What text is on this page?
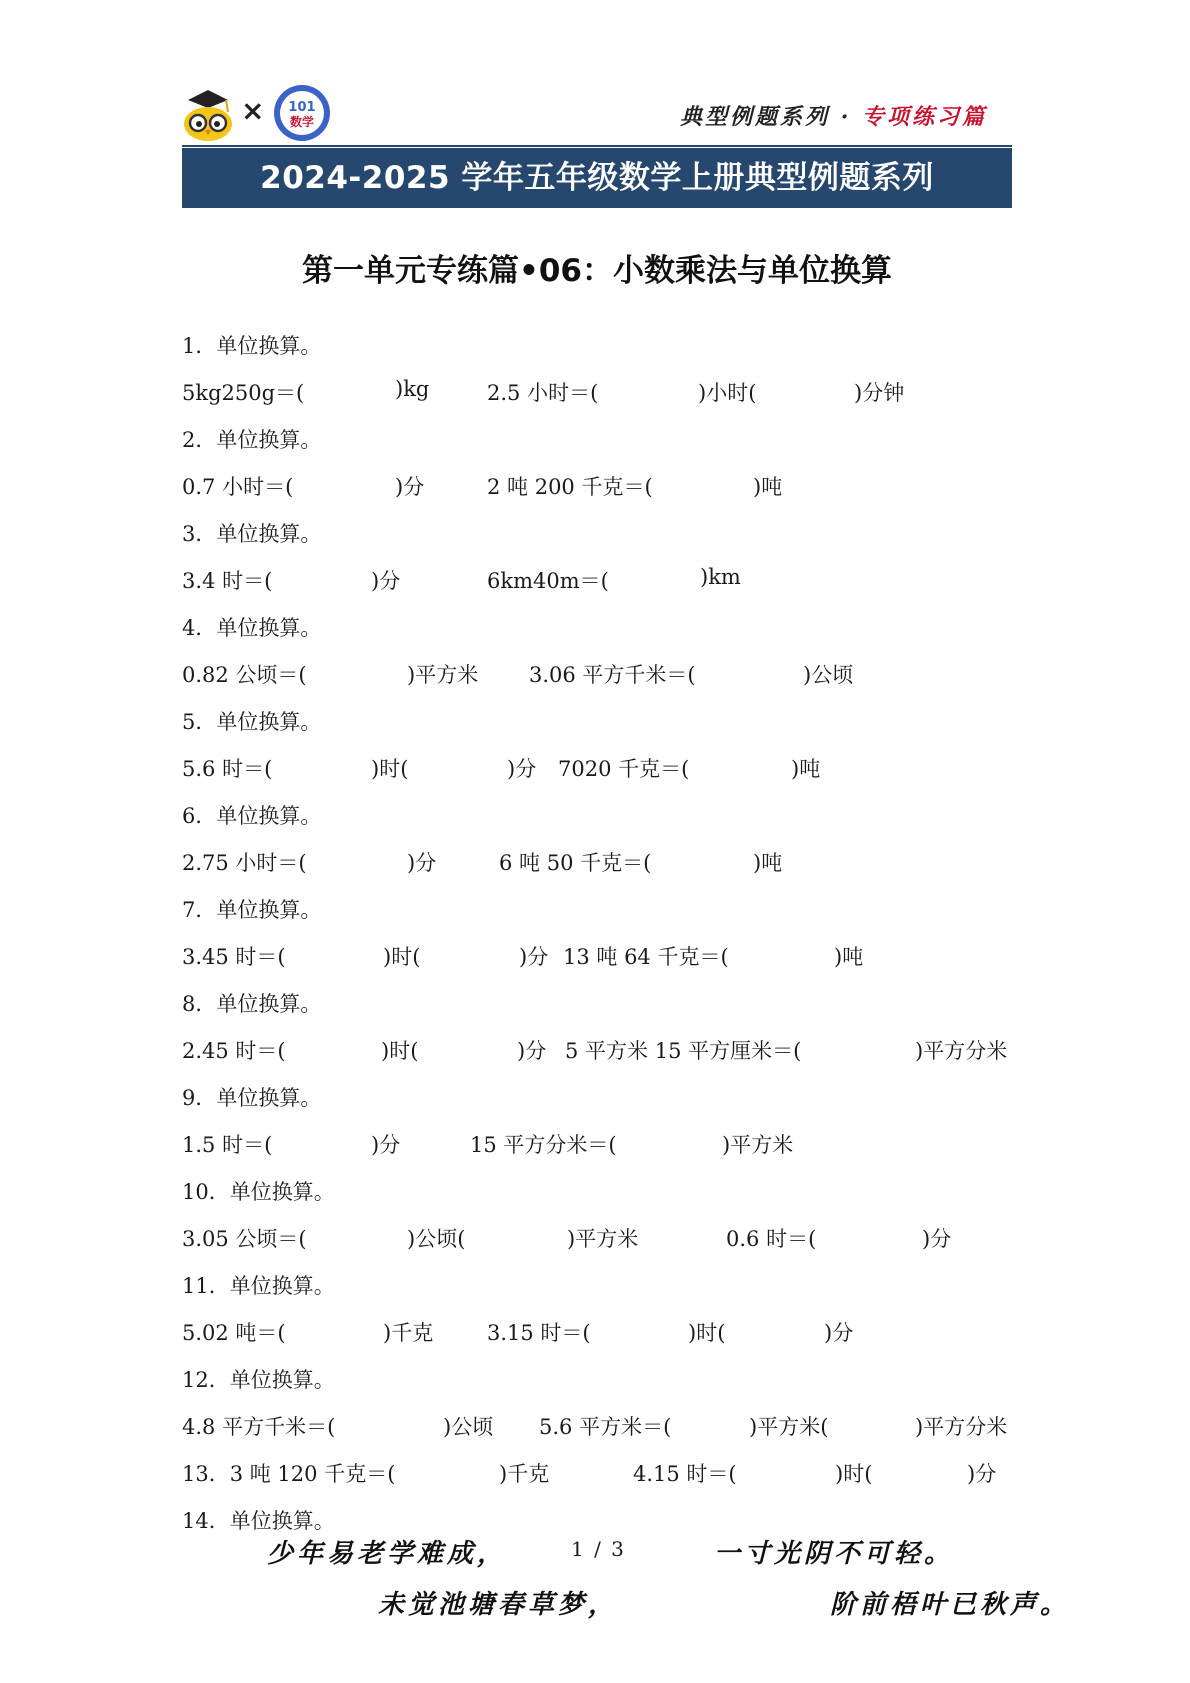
× 101
数学	典型例题系列 · 专项练习篇
2024-2025 学年五年级数学上册典型例题系列
第一单元专练篇•06：小数乘法与单位换算
1．单位换算。
5kg250g＝(	)kg	2.5 小时＝(	)小时(	)分钟
2．单位换算。
0.7 小时＝(	)分	2 吨 200 千克＝(	)吨
3．单位换算。
3.4 时＝(	)分	6km40m＝(	)km
4．单位换算。
0.82 公顷＝(	)平方米 3.06 平方千米＝(	)公顷
5．单位换算。
5.6 时＝(	)时(	)分 7020 千克＝(	)吨
6．单位换算。
2.75 小时＝(	)分	6 吨 50 千克＝(	)吨
7．单位换算。
3.45 时＝(	)时(	)分 13 吨 64 千克＝(	)吨
8．单位换算。
2.45 时＝(	)时(	)分 5 平方米 15 平方厘米＝(	)平方分米
9．单位换算。
1.5 时＝(	)分	15 平方分米＝(	)平方米
10．单位换算。
3.05 公顷＝(	)公顷(	)平方米	0.6 时＝(	)分
11．单位换算。
5.02 吨＝(	)千克	3.15 时＝(	)时(	)分
12．单位换算。
4.8 平方千米＝(	)公顷 5.6 平方米＝(	)平方米(	)平方分米
13．3 吨 120 千克＝(	)千克	4.15 时＝(	)时(	)分
14．单位换算。
少年易老学难成，	1 / 3	一寸光阴不可轻。
未觉池塘春草梦，	阶前梧叶已秋声。
